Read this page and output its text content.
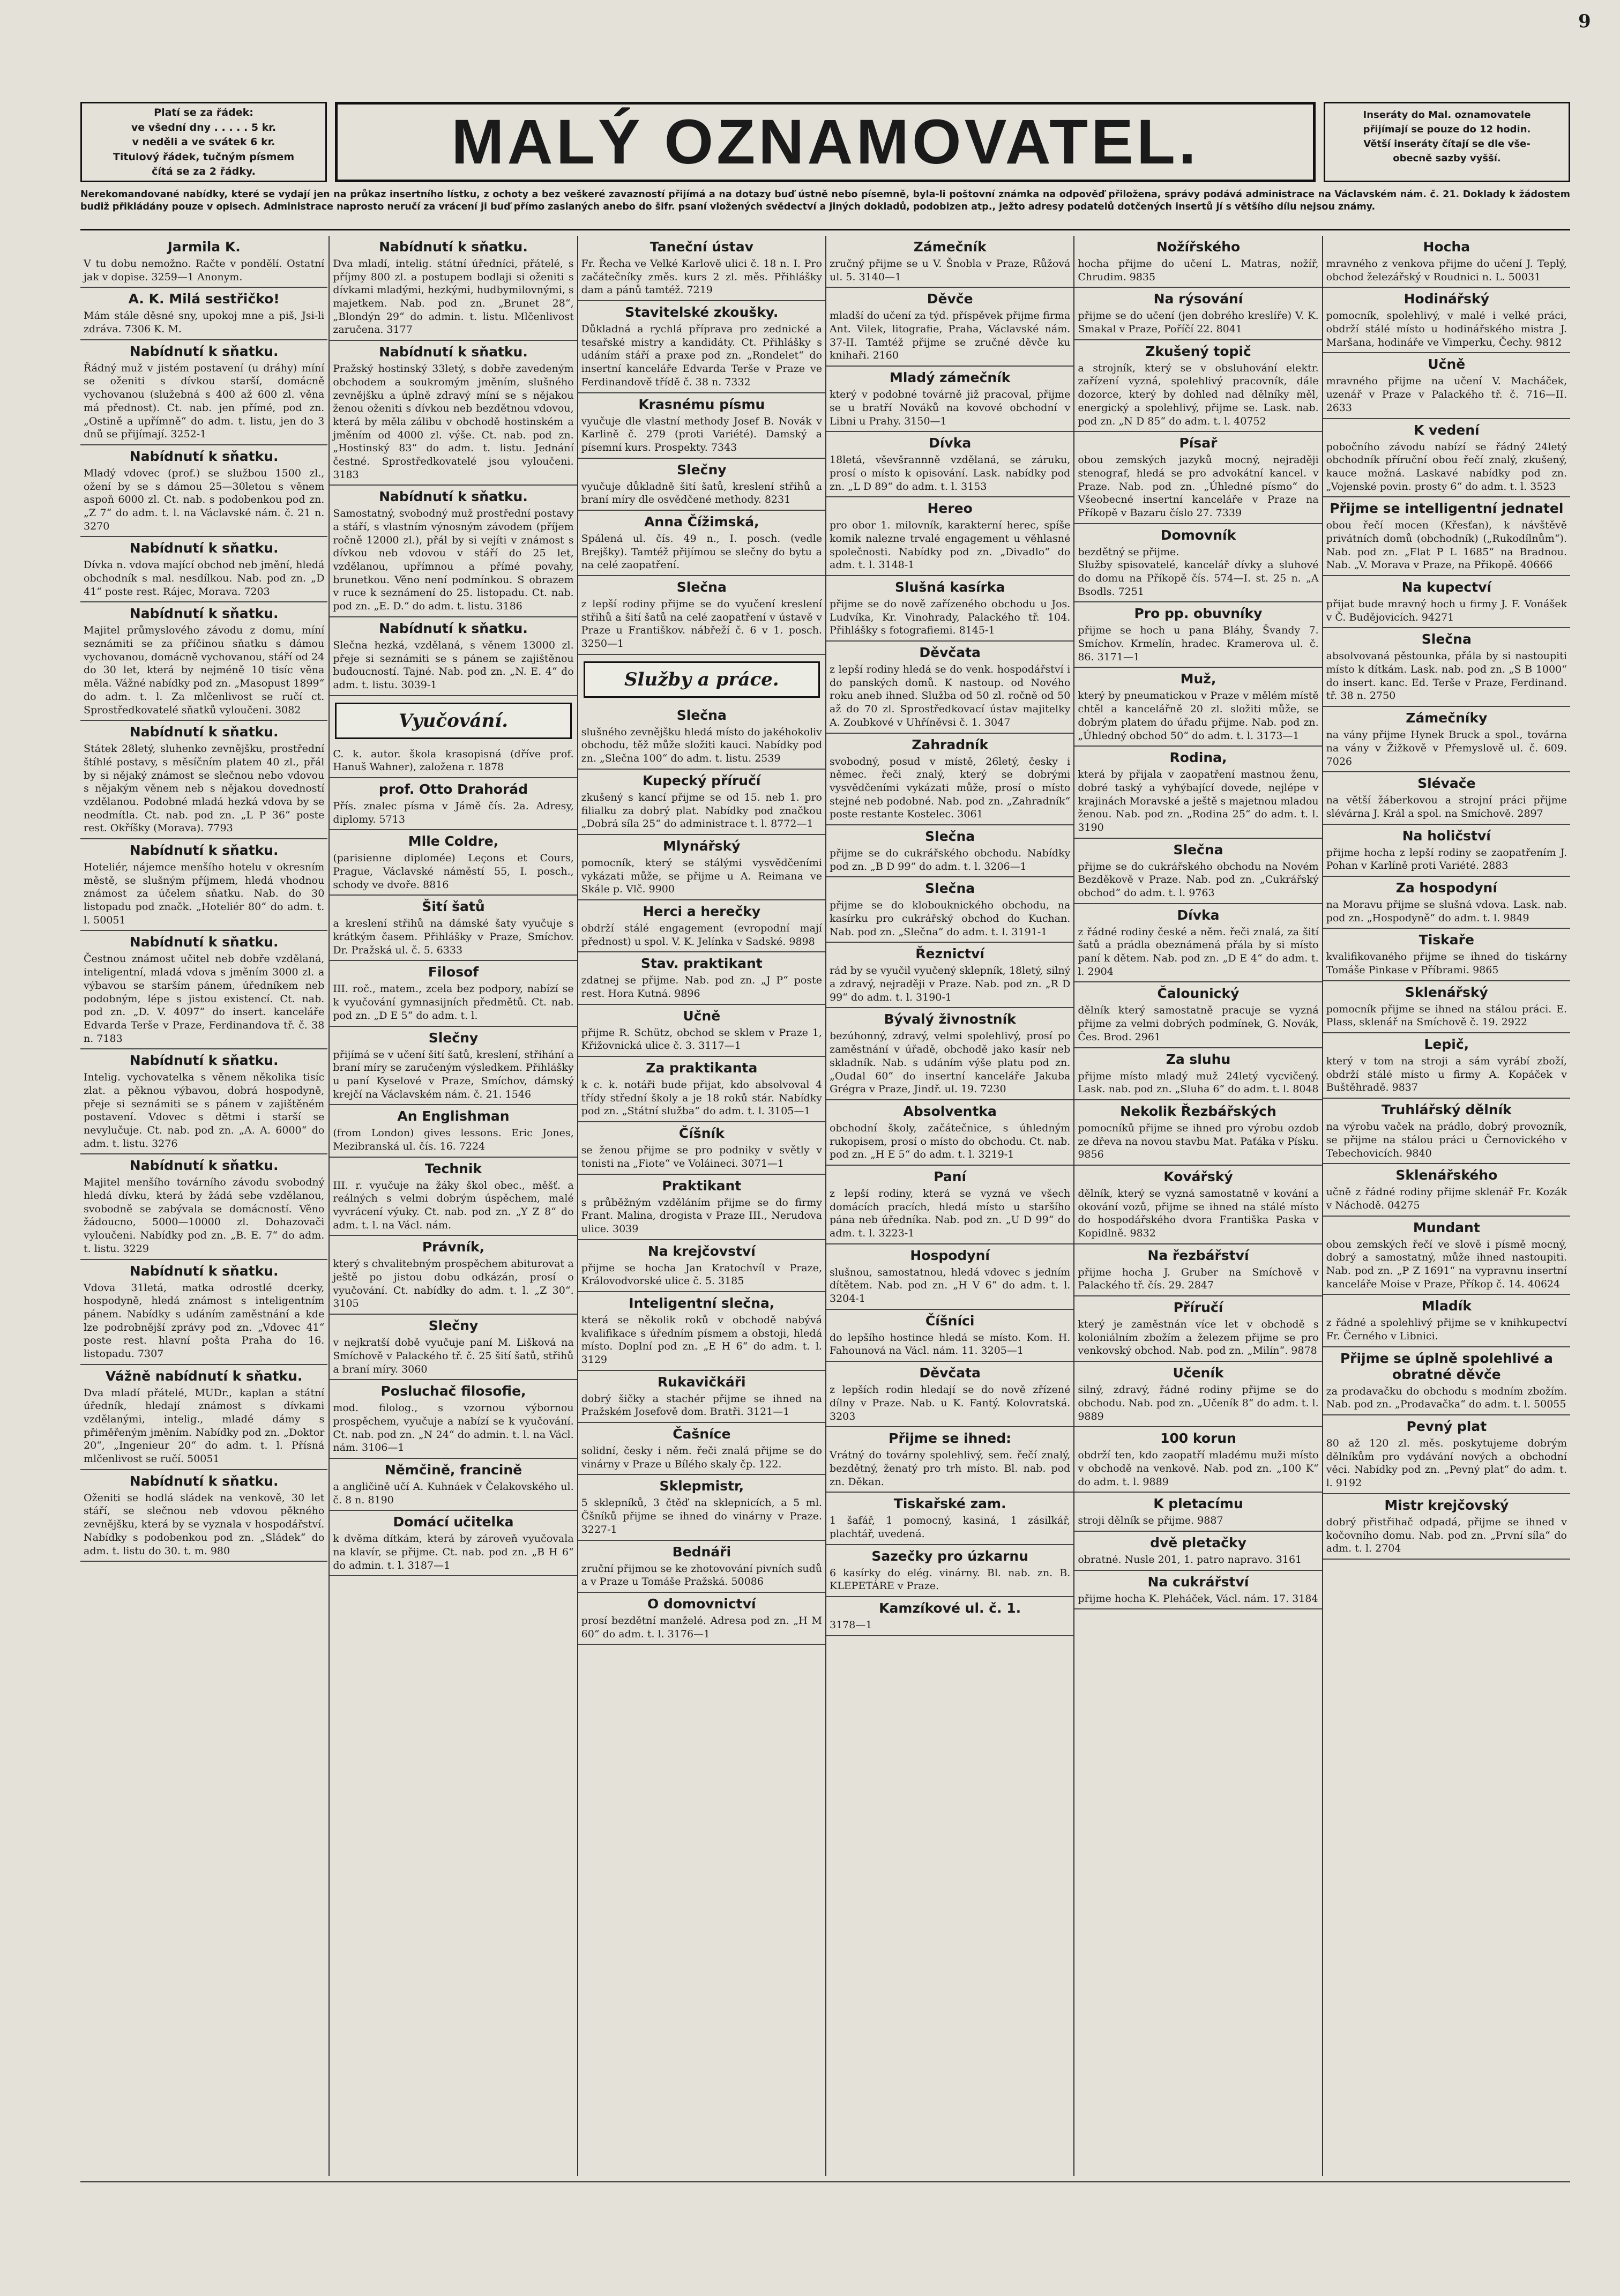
9
Platí se za řádek:
ve všední dny . . . . . 5 kr.
v neděli a ve svátek 6 kr.
Titulový řádek, tučným písmem
čítá se za 2 řádky.	MALÝ OZNAMOVATEL.	Inseráty do Mal. oznamovatele
přijímají se pouze do 12 hodin.
Větší inseráty čítají se dle vše-
obecně sazby vyšší.
Nerekomandované nabídky, které se vydají jen na průkaz insertního lístku, z ochoty a bez veškeré zavazností přijímá a na dotazy buď ústně nebo písemně, byla-li poštovní známka na odpověď přiložena, správy podává administrace na Václavském nám. č. 21. Doklady k žádostem budiž přikládány pouze v opisech. Administrace naprosto neručí za vrácení ji buď přímo zaslaných anebo do šifr. psaní vložených svědectví a jiných dokladů, podobizen atp., ježto adresy podatelů dotčených insertů jí s většího dílu nejsou známy.
Jarmila K.

V tu dobu nemožno. Račte v pondělí. Ostatní jak v dopise. 3259—1 Anonym.

A. K. Milá sestřičko!

Mám stále děsné sny, upokoj mne a piš, Jsi-li zdráva. 7306 K. M.

Nabídnutí k sňatku.

Řádný muž v jistém postavení (u dráhy) míní se oženiti s dívkou starší, domácně vychovanou (služebná s 400 až 600 zl. věna má přednost). Ct. nab. jen přímé, pod zn. „Ostině a upřímně“ do adm. t. listu, jen do 3 dnů se přijímají. 3252-1

Nabídnutí k sňatku.

Mladý vdovec (prof.) se službou 1500 zl., ožení by se s dámou 25—30letou s věnem aspoň 6000 zl. Ct. nab. s podobenkou pod zn. „Z 7“ do adm. t. l. na Václavské nám. č. 21 n. 3270

Nabídnutí k sňatku.

Dívka n. vdova mající obchod neb jmění, hledá obchodník s mal. nesdílkou. Nab. pod zn. „D 41“ poste rest. Rájec, Morava. 7203

Nabídnutí k sňatku.

Majitel průmyslového závodu z domu, míní seznámiti se za příčinou sňatku s dámou vychovanou, domácně vychovanou, stáří od 24 do 30 let, která by nejméně 10 tisíc věna měla. Vážné nabídky pod zn. „Masopust 1899“ do adm. t. l. Za mlčenlivost se ručí ct. Sprostředkovatelé sňatků vyloučeni. 3082

Nabídnutí k sňatku.

Státek 28letý, sluhenko zevnějšku, prostřední štíhlé postavy, s měsíčním platem 40 zl., přál by si nějaký známost se slečnou nebo vdovou s nějakým věnem neb s nějakou dovedností vzdělanou. Podobné mladá hezká vdova by se neodmítla. Ct. nab. pod zn. „L P 36“ poste rest. Okříšky (Morava). 7793

Nabídnutí k sňatku.

Hoteliér, nájemce menšího hotelu v okresním městě, se slušným příjmem, hledá vhodnou známost za účelem sňatku. Nab. do 30 listopadu pod značk. „Hoteliér 80“ do adm. t. l. 50051

Nabídnutí k sňatku.

Čestnou známost učitel neb dobře vzdělaná, inteligentní, mladá vdova s jměním 3000 zl. a výbavou se starším pánem, úředníkem neb podobným, lépe s jistou existencí. Ct. nab. pod zn. „D. V. 4097“ do insert. kanceláře Edvarda Terše v Praze, Ferdinandova tř. č. 38 n. 7183

Nabídnutí k sňatku.

Intelig. vychovatelka s věnem několika tisíc zlat. a pěknou výbavou, dobrá hospodyně, přeje si seznámiti se s pánem v zajištěném postavení. Vdovec s dětmi i starší se nevylučuje. Ct. nab. pod zn. „A. A. 6000“ do adm. t. listu. 3276

Nabídnutí k sňatku.

Majitel menšího továrního závodu svobodný hledá dívku, která by žádá sebe vzdělanou, svobodně se zabývala se domácností. Věno žádoucno, 5000—10000 zl. Dohazovači vyloučeni. Nabídky pod zn. „B. E. 7“ do adm. t. listu. 3229

Nabídnutí k sňatku.

Vdova 31letá, matka odrostlé dcerky, hospodyně, hledá známost s inteligentním pánem. Nabídky s udáním zaměstnání a kde lze podrobnější zprávy pod zn. „Vdovec 41“ poste rest. hlavní pošta Praha do 16. listopadu. 7307

Vážně nabídnutí k sňatku.

Dva mladí přátelé, MUDr., kaplan a státní úředník, hledají známost s dívkami vzdělanými, intelig., mladé dámy s přiměřeným jměním. Nabídky pod zn. „Doktor 20“, „Ingenieur 20“ do adm. t. l. Přísná mlčenlivost se ručí. 50051

Nabídnutí k sňatku.

Oženiti se hodlá sládek na venkově, 30 let stáří, se slečnou neb vdovou pěkného zevnějšku, která by se vyznala v hospodářství. Nabídky s podobenkou pod zn. „Sládek“ do adm. t. listu do 30. t. m. 980

Nabídnutí k sňatku.

Dva mladí, intelig. státní úředníci, přátelé, s příjmy 800 zl. a postupem bodlaji si oženiti s dívkami mladými, hezkými, hudbymilovnými, s majetkem. Nab. pod zn. „Brunet 28“, „Blondýn 29“ do admin. t. listu. Mlčenlivost zaručena. 3177

Nabídnutí k sňatku.

Pražský hostinský 33letý, s dobře zavedeným obchodem a soukromým jměním, slušného zevnějšku a úplně zdravý míní se s nějakou ženou oženiti s dívkou neb bezdětnou vdovou, která by měla zálibu v obchodě hostinském a jměním od 4000 zl. výše. Ct. nab. pod zn. „Hostinský 83“ do adm. t. listu. Jednání čestné. Sprostředkovatelé jsou vyloučeni. 3183

Nabídnutí k sňatku.

Samostatný, svobodný muž prostřední postavy a stáří, s vlastním výnosným závodem (příjem ročně 12000 zl.), přál by si vejíti v známost s dívkou neb vdovou v stáří do 25 let, vzdělanou, upřímnou a přímé povahy, brunetkou. Věno není podmínkou. S obrazem v ruce k seznámení do 25. listopadu. Ct. nab. pod zn. „E. D.“ do adm. t. listu. 3186

Nabídnutí k sňatku.

Slečna hezká, vzdělaná, s věnem 13000 zl. přeje si seznámiti se s pánem se zajištěnou budoucností. Tajné. Nab. pod zn. „N. E. 4“ do adm. t. listu. 3039-1

Vyučování.

C. k. autor. škola krasopisná (dříve prof. Hanuš Wahner), založena r. 1878

prof. Otto Drahorád

Přís. znalec písma v Jámě čís. 2a. Adresy, diplomy. 5713

Mlle Coldre,

(parisienne diplomée) Leçons et Cours, Prague, Václavské náměstí 55, I. posch., schody ve dvoře. 8816

Šití šatů

a kreslení střihů na dámské šaty vyučuje s krátkým časem. Přihlášky v Praze, Smíchov. Dr. Pražská ul. č. 5. 6333

Filosof

III. roč., matem., zcela bez podpory, nabízí se k vyučování gymnasijních předmětů. Ct. nab. pod zn. „D E 5“ do adm. t. l.

Slečny

přijímá se v učení šití šatů, kreslení, střihání a braní míry se zaručeným výsledkem. Přihlášky u paní Kyselové v Praze, Smíchov, dámský krejčí na Václavském nám. č. 21. 1546

An Englishman

(from London) gives lessons. Eric Jones, Mezibranská ul. čís. 16. 7224

Technik

III. r. vyučuje na žáky škol obec., měšť. a reálných s velmi dobrým úspěchem, malé vyvrácení výuky. Ct. nab. pod zn. „Y Z 8“ do adm. t. l. na Václ. nám.

Právník,

který s chvalitebným prospěchem abiturovat a ještě po jistou dobu odkázán, prosí o vyučování. Ct. nabídky do adm. t. l. „Z 30“. 3105

Slečny

v nejkratší době vyučuje paní M. Lišková na Smíchově v Palackého tř. č. 25 šití šatů, střihů a braní míry. 3060

Posluchač filosofie,

mod. filolog., s vzornou výbornou prospěchem, vyučuje a nabízí se k vyučování. Ct. nab. pod zn. „N 24“ do admin. t. l. na Václ. nám. 3106—1

Němčině, francině

a angličině učí A. Kuhnáek v Čelakovského ul. č. 8 n. 8190

Domácí učitelka

k dvěma dítkám, která by zároveň vyučovala na klavír, se přijme. Ct. nab. pod zn. „B H 6“ do admin. t. l. 3187—1

Taneční ústav

Fr. Řecha ve Velké Karlově ulici č. 18 n. I. Pro začátečníky změs. kurs 2 zl. měs. Přihlášky dam a pánů tamtéž. 7219

Stavitelské zkoušky.

Důkladná a rychlá příprava pro zednické a tesařské mistry a kandidáty. Ct. Přihlášky s udáním stáří a praxe pod zn. „Rondelet“ do insertní kanceláře Edvarda Terše v Praze ve Ferdinandově třídě č. 38 n. 7332

Krasnému písmu

vyučuje dle vlastní methody Josef B. Novák v Karlině č. 279 (proti Variété). Damský a písemní kurs. Prospekty. 7343

Slečny

vyučuje důkladně šití šatů, kreslení střihů a braní míry dle osvědčené methody. 8231

Anna Čížimská,

Spálená ul. čís. 49 n., I. posch. (vedle Brejšky). Tamtéž přijímou se slečny do bytu a na celé zaopatření.

Slečna

z lepší rodiny přijme se do vyučení kreslení střihů a šití šatů na celé zaopatření v ústavě v Praze u Františkov. nábřeží č. 6 v 1. posch. 3250—1

Služby a práce.
Slečna

slušného zevnějšku hledá místo do jakéhokoliv obchodu, těž může složiti kauci. Nabídky pod zn. „Slečna 100“ do adm. t. listu. 2539

Kupecký příručí

zkušený s kancí přijme se od 15. neb 1. pro filialku za dobrý plat. Nabídky pod značkou „Dobrá síla 25“ do administrace t. l. 8772—1

Mlynářský

pomocník, který se stálými vysvědčeními vykázati může, se přijme u A. Reimana ve Skále p. Vlč. 9900

Herci a herečky

obdrží stálé engagement (evropodní mají přednost) u spol. V. K. Jelínka v Sadské. 9898

Stav. praktikant

zdatnej se přijme. Nab. pod zn. „J P“ poste rest. Hora Kutná. 9896

Učně

přijme R. Schütz, obchod se sklem v Praze 1, Křižovnická ulice č. 3. 3117—1

Za praktikanta

k c. k. notáři bude přijat, kdo absolvoval 4 třídy střední školy a je 18 roků stár. Nabídky pod zn. „Státní služba“ do adm. t. l. 3105—1

Číšník

se ženou přijme se pro podniky v světly v tonisti na „Fiote“ ve Voláineci. 3071—1

Praktikant

s průběžným vzděláním přijme se do firmy Frant. Malina, drogista v Praze III., Nerudova ulice. 3039

Na krejčovství

přijme se hocha Jan Kratochvíl v Praze, Královodvorské ulice č. 5. 3185

Inteligentní slečna,

která se několik roků v obchodě nabývá kvalifikace s úředním písmem a obstoji, hledá místo. Doplní pod zn. „E H 6“ do adm. t. l. 3129

Rukavičkáři

dobrý šičky a stachér přijme se ihned na Pražském Josefově dom. Bratři. 3121—1

Čašníce

solidní, česky i něm. řeči znalá přijme se do vinárny v Praze u Bílého skaly čp. 122.

Sklepmistr,

5 sklepníků, 3 čtěď na sklepnicích, a 5 ml. Čšníků přijme se ihned do vinárny v Praze. 3227-1

Bednáři

zruční přijmou se ke zhotovování pivních sudů a v Praze u Tomáše Pražská. 50086

O domovnictví

prosí bezdětní manželé. Adresa pod zn. „H M 60“ do adm. t. l. 3176—1

Zámečník

zručný přijme se u V. Šnobla v Praze, Růžová ul. 5. 3140—1

Děvče

mladší do učení za týd. příspěvek přijme firma Ant. Vilek, litografie, Praha, Václavské nám. 37-II. Tamtéž přijme se zručné děvče ku knihaři. 2160

Mladý zámečník

který v podobné továrně již pracoval, přijme se u bratří Nováků na kovové obchodní v Libni u Prahy. 3150—1

Dívka

18letá, vševšrannně vzdělaná, se záruku, prosí o místo k opisování. Lask. nabídky pod zn. „L D 89“ do adm. t. l. 3153

Hereo

pro obor 1. milovník, karakterní herec, spíše komik nalezne trvalé engagement u věhlasné společnosti. Nabídky pod zn. „Divadlo“ do adm. t. l. 3148-1

Slušná kasírka

přijme se do nově zařízeného obchodu u Jos. Ludvíka, Kr. Vinohrady, Palackého tř. 104. Přihlášky s fotografiemi. 8145-1

Děvčata

z lepší rodiny hledá se do venk. hospodářství i do panských domů. K nastoup. od Nového roku aneb ihned. Služba od 50 zl. ročně od 50 až do 70 zl. Sprostředkovací ústav majitelky A. Zoubkové v Uhříněvsi č. 1. 3047

Zahradník

svobodný, posud v místě, 26letý, česky i němec. řeči znalý, který se dobrými vysvědčeními vykázati může, prosí o místo stejné neb podobné. Nab. pod zn. „Zahradník“ poste restante Kostelec. 3061

Slečna

přijme se do cukrářského obchodu. Nabídky pod zn. „B D 99“ do adm. t. l. 3206—1

Slečna

přijme se do klobouknického obchodu, na kasírku pro cukrářský obchod do Kuchan. Nab. pod zn. „Slečna“ do adm. t. l. 3191-1

Řeznictví

rád by se vyučil vyučený sklepník, 18letý, silný a zdravý, nejraději v Praze. Nab. pod zn. „R D 99“ do adm. t. l. 3190-1

Bývalý živnostník

bezúhonný, zdravý, velmi spolehlivý, prosí po zaměstnání v úřadě, obchodě jako kasír neb skladník. Nab. s udáním výše platu pod zn. „Oudal 60“ do insertní kanceláře Jakuba Grégra v Praze, Jindř. ul. 19. 7230

Absolventka

obchodní školy, začátečnice, s úhledným rukopisem, prosí o místo do obchodu. Ct. nab. pod zn. „H E 5“ do adm. t. l. 3219-1

Paní

z lepší rodiny, která se vyzná ve všech domácích pracích, hledá místo u staršího pána neb úředníka. Nab. pod zn. „U D 99“ do adm. t. l. 3223-1

Hospodyní

slušnou, samostatnou, hledá vdovec s jedním dítětem. Nab. pod zn. „H V 6“ do adm. t. l. 3204-1

Číšníci

do lepšího hostince hledá se místo. Kom. H. Fahounová na Václ. nám. 11. 3205—1

Děvčata

z lepších rodin hledají se do nově zřízené dílny v Praze. Nab. u K. Fantý. Kolovratská. 3203

Přijme se ihned:

Vrátný do továrny spolehlivý, sem. řečí znalý, bezdětný, ženatý pro trh místo. Bl. nab. pod zn. Děkan.

Tiskařské zam.

1 šafář, 1 pomocný, kasiná, 1 zásilkář, plachtář, uvedená.

Sazečky pro úzkarnu

6 kasírky do elég. vinárny. Bl. nab. zn. B. KLEPETÁRE v Praze.

Kamzíkové ul. č. 1.

3178—1

Nožířského

hocha přijme do učení L. Matras, nožíř, Chrudim. 9835

Na rýsování

přijme se do učení (jen dobrého kreslíře) V. K. Smakal v Praze, Poříčí 22. 8041

Zkušený topič

a strojník, který se v obsluhování elektr. zařízení vyzná, spolehlivý pracovník, dále dozorce, který by dohled nad dělníky měl, energický a spolehlivý, přijme se. Lask. nab. pod zn. „N D 85“ do adm. t. l. 40752

Písař

obou zemských jazyků mocný, nejraději stenograf, hledá se pro advokátní kancel. v Praze. Nab. pod zn. „Úhledné písmo“ do Všeobecné insertní kanceláře v Praze na Příkopě v Bazaru číslo 27. 7339

Domovník

bezdětný se přijme.

Služby spisovatelé, kancelář dívky a sluhové do domu na Příkopě čís. 574—I. st. 25 n. „A Bsodls. 7251

Pro pp. obuvníky

přijme se hoch u pana Bláhy, Švandy 7. Smíchov. Krmelín, hradec. Kramerova ul. č. 86. 3171—1

Muž,

který by pneumatickou v Praze v mělém místě chtěl a kancelářně 20 zl. složiti může, se dobrým platem do úřadu přijme. Nab. pod zn. „Úhledný obchod 50“ do adm. t. l. 3173—1

Rodina,

která by přijala v zaopatření mastnou ženu, dobré taský a vyhýbající dovede, nejlépe v krajinách Moravské a ještě s majetnou mladou ženou. Nab. pod zn. „Rodina 25“ do adm. t. l. 3190

Slečna

přijme se do cukrářského obchodu na Novém Bezděkově v Praze. Nab. pod zn. „Cukrářský obchod“ do adm. t. l. 9763

Dívka

z řádné rodiny české a něm. řeči znalá, za šití šatů a prádla obeznámená přála by si místo paní k dětem. Nab. pod zn. „D E 4“ do adm. t. l. 2904

Čalounický

dělník který samostatně pracuje se vyzná přijme za velmi dobrých podmínek, G. Novák, Čes. Brod. 2961

Za sluhu

přijme místo mladý muž 24letý vycvičený. Lask. nab. pod zn. „Sluha 6“ do adm. t. l. 8048

Nekolik Řezbářských

pomocníků přijme se ihned pro výrobu ozdob ze dřeva na novou stavbu Mat. Paťáka v Písku. 9856

Kovářský

dělník, který se vyzná samostatně v kování a okování vozů, přijme se ihned na stálé místo do hospodářského dvora Františka Paska v Kopidlně. 9832

Na řezbářství

přijme hocha J. Gruber na Smíchově v Palackého tř. čís. 29. 2847

Příručí

který je zaměstnán více let v obchodě s koloniálním zbožím a železem přijme se pro venkovský obchod. Nab. pod zn. „Milín“. 9878

Učeník

silný, zdravý, řádné rodiny přijme se do obchodu. Nab. pod zn. „Učeník 8“ do adm. t. l. 9889

100 korun

obdrží ten, kdo zaopatří mladému muži místo v obchodě na venkově. Nab. pod zn. „100 K“ do adm. t. l. 9889

K pletacímu

stroji dělník se přijme. 9887

dvě pletačky

obratné. Nusle 201, 1. patro napravo. 3161

Na cukrářství

přijme hocha K. Pleháček, Václ. nám. 17. 3184

Hocha

mravného z venkova přijme do učení J. Teplý, obchod železářský v Roudnici n. L. 50031

Hodinářský

pomocník, spolehlivý, v malé i velké práci, obdrží stálé místo u hodinářského mistra J. Maršana, hodináře ve Vimperku, Čechy. 9812

Učně

mravného přijme na učení V. Macháček, uzenář v Praze v Palackého tř. č. 716—II. 2633

K vedení

pobočního závodu nabízí se řádný 24letý obchodník příruční obou řečí znalý, zkušený, kauce možná. Laskavé nabídky pod zn. „Vojenské povin. prosty 6“ do adm. t. l. 3523

Přijme se intelligentní jednatel

obou řečí mocen (Křesťan), k návštěvě privátních domů (obchodník) („Rukodílnům“). Nab. pod zn. „Flat P L 1685“ na Bradnou. Nab. „V. Morava v Praze, na Přikopě. 40666

Na kupectví

přijat bude mravný hoch u firmy J. F. Vonášek v Č. Budějovicích. 94271

Slečna

absolvovaná pěstounka, přála by si nastoupiti místo k dítkám. Lask. nab. pod zn. „S B 1000“ do insert. kanc. Ed. Terše v Praze, Ferdinand. tř. 38 n. 2750

Zámečníky

na vány přijme Hynek Bruck a spol., továrna na vány v Žižkově v Přemyslově ul. č. 609. 7026

Slévače

na větší žáberkovou a strojní práci přijme slévárna J. Král a spol. na Smíchově. 2897

Na holičství

přijme hocha z lepší rodiny se zaopatřením J. Pohan v Karlíně proti Variété. 2883

Za hospodyní

na Moravu přijme se slušná vdova. Lask. nab. pod zn. „Hospodyně“ do adm. t. l. 9849

Tiskaře

kvalifikovaného přijme se ihned do tiskárny Tomáše Pinkase v Příbrami. 9865

Sklenářský

pomocník přijme se ihned na stálou práci. E. Plass, sklenář na Smíchově č. 19. 2922

Lepič,

který v tom na stroji a sám vyrábí zboží, obdrží stálé místo u firmy A. Kopáček v Buštěhradě. 9837

Truhlářský dělník

na výrobu vaček na prádlo, dobrý provozník, se přijme na stálou práci u Černovického v Tebechovicích. 9840

Sklenářského

učně z řádné rodiny přijme sklenář Fr. Kozák v Náchodě. 04275

Mundant

obou zemských řečí ve slově i písmě mocný, dobrý a samostatný, může ihned nastoupiti. Nab. pod zn. „P Z 1691“ na vypravnu insertní kanceláře Moise v Praze, Příkop č. 14. 40624

Mladík

z řádné a spolehlivý přijme se v knihkupectví Fr. Černého v Libnici.

Přijme se úplně spolehlivé a obratné děvče

za prodavačku do obchodu s modním zbožím. Nab. pod zn. „Prodavačka“ do adm. t. l. 50055

Pevný plat

80 až 120 zl. měs. poskytujeme dobrým dělníkům pro vydávání nových a obchodní věci. Nabídky pod zn. „Pevný plat“ do adm. t. l. 9192

Mistr krejčovský

dobrý přistřihač odpadá, přijme se ihned v kočovního domu. Nab. pod zn. „První síla“ do adm. t. l. 2704
